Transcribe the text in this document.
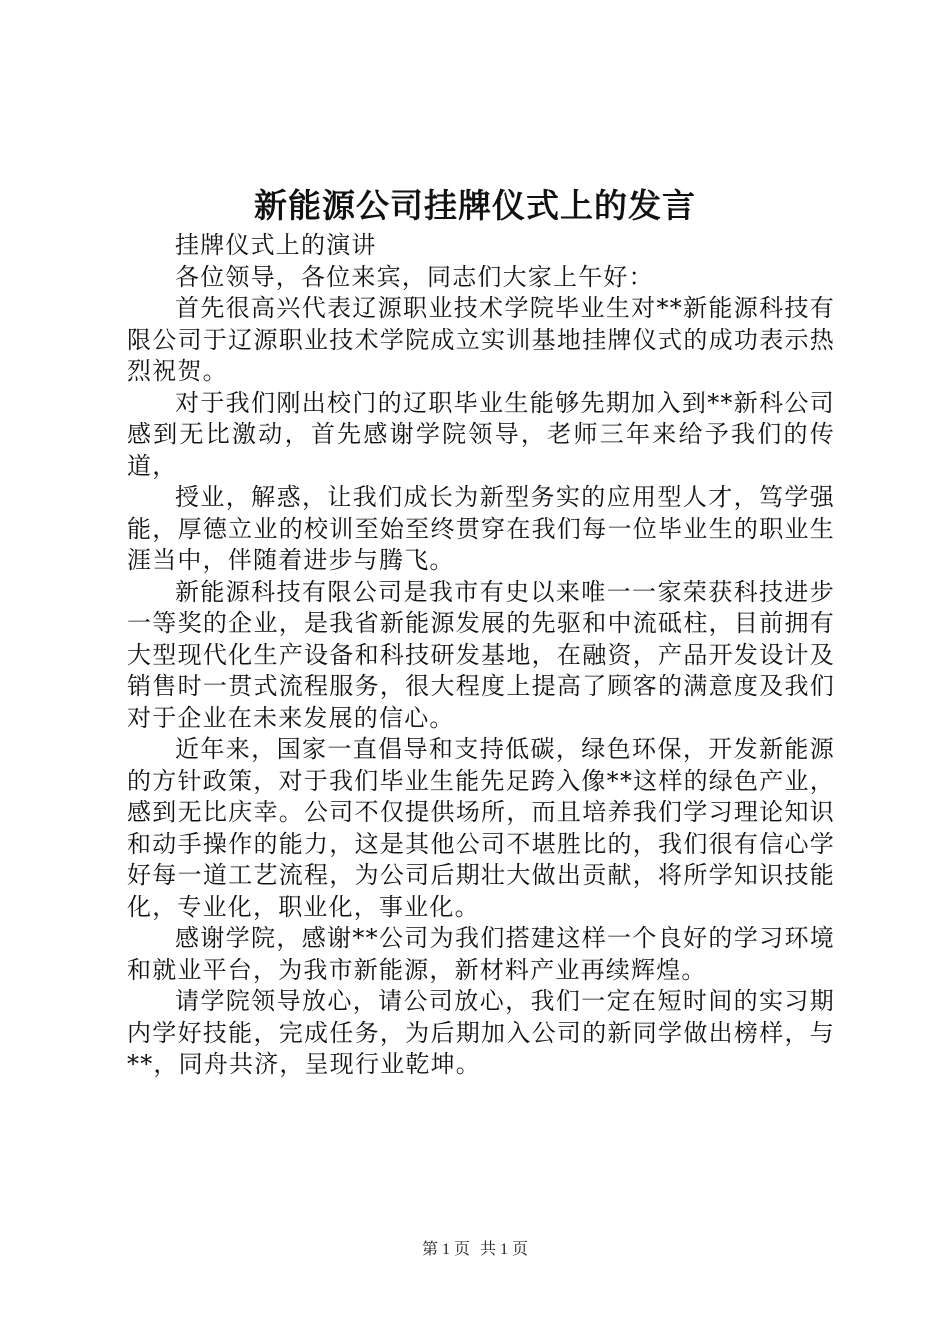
新能源公司挂牌仪式上的发言

挂牌仪式上的演讲

各位领导，各位来宾，同志们大家上午好：

首先很高兴代表辽源职业技术学院毕业生对**新能源科技有限公司于辽源职业技术学院成立实训基地挂牌仪式的成功表示热烈祝贺。

对于我们刚出校门的辽职毕业生能够先期加入到**新科公司感到无比激动，首先感谢学院领导，老师三年来给予我们的传道，

授业，解惑，让我们成长为新型务实的应用型人才，笃学强能，厚德立业的校训至始至终贯穿在我们每一位毕业生的职业生涯当中，伴随着进步与腾飞。

新能源科技有限公司是我市有史以来唯一一家荣获科技进步一等奖的企业，是我省新能源发展的先驱和中流砥柱，目前拥有大型现代化生产设备和科技研发基地，在融资，产品开发设计及销售时一贯式流程服务，很大程度上提高了顾客的满意度及我们对于企业在未来发展的信心。

近年来，国家一直倡导和支持低碳，绿色环保，开发新能源的方针政策，对于我们毕业生能先足跨入像**这样的绿色产业，感到无比庆幸。公司不仅提供场所，而且培养我们学习理论知识和动手操作的能力，这是其他公司不堪胜比的，我们很有信心学好每一道工艺流程，为公司后期壮大做出贡献，将所学知识技能化，专业化，职业化，事业化。

感谢学院，感谢**公司为我们搭建这样一个良好的学习环境和就业平台，为我市新能源，新材料产业再续辉煌。

请学院领导放心，请公司放心，我们一定在短时间的实习期内学好技能，完成任务，为后期加入公司的新同学做出榜样，与**，同舟共济，呈现行业乾坤。

第 1 页 共 1 页
